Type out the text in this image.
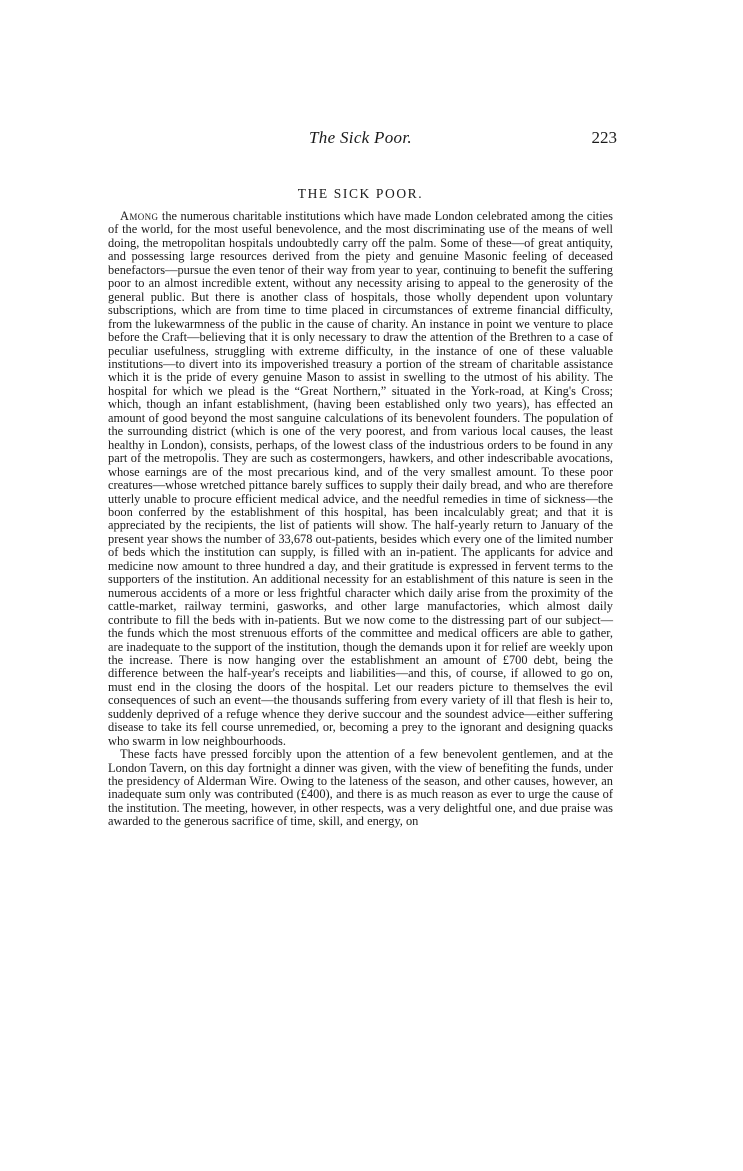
The Sick Poor.	223
THE SICK POOR.

Among the numerous charitable institutions which have made London celebrated among the cities of the world, for the most useful benevolence, and the most discriminating use of the means of well doing, the metropolitan hospitals undoubtedly carry off the palm. Some of these—of great antiquity, and possessing large resources derived from the piety and genuine Masonic feeling of deceased benefactors—pursue the even tenor of their way from year to year, continuing to benefit the suffering poor to an almost incredible extent, without any necessity arising to appeal to the generosity of the general public. But there is another class of hospitals, those wholly dependent upon voluntary subscriptions, which are from time to time placed in circumstances of extreme financial difficulty, from the lukewarmness of the public in the cause of charity. An instance in point we venture to place before the Craft—believing that it is only necessary to draw the attention of the Brethren to a case of peculiar usefulness, struggling with extreme difficulty, in the instance of one of these valuable institutions—to divert into its impoverished treasury a portion of the stream of charitable assistance which it is the pride of every genuine Mason to assist in swelling to the utmost of his ability. The hospital for which we plead is the “Great Northern,” situated in the York-road, at King's Cross; which, though an infant establishment, (having been established only two years), has effected an amount of good beyond the most sanguine calculations of its benevolent founders. The population of the surrounding district (which is one of the very poorest, and from various local causes, the least healthy in London), consists, perhaps, of the lowest class of the industrious orders to be found in any part of the metropolis. They are such as costermongers, hawkers, and other indescribable avocations, whose earnings are of the most precarious kind, and of the very smallest amount. To these poor creatures—whose wretched pittance barely suffices to supply their daily bread, and who are therefore utterly unable to procure efficient medical advice, and the needful remedies in time of sickness—the boon conferred by the establishment of this hospital, has been incalculably great; and that it is appreciated by the recipients, the list of patients will show. The half-yearly return to January of the present year shows the number of 33,678 out-patients, besides which every one of the limited number of beds which the institution can supply, is filled with an in-patient. The applicants for advice and medicine now amount to three hundred a day, and their gratitude is expressed in fervent terms to the supporters of the institution. An additional necessity for an establishment of this nature is seen in the numerous accidents of a more or less frightful character which daily arise from the proximity of the cattle-market, railway termini, gasworks, and other large manufactories, which almost daily contribute to fill the beds with in-patients. But we now come to the distressing part of our subject—the funds which the most strenuous efforts of the committee and medical officers are able to gather, are inadequate to the support of the institution, though the demands upon it for relief are weekly upon the increase. There is now hanging over the establishment an amount of £700 debt, being the difference between the half-year's receipts and liabilities—and this, of course, if allowed to go on, must end in the closing the doors of the hospital. Let our readers picture to themselves the evil consequences of such an event—the thousands suffering from every variety of ill that flesh is heir to, suddenly deprived of a refuge whence they derive succour and the soundest advice—either suffering disease to take its fell course unremedied, or, becoming a prey to the ignorant and designing quacks who swarm in low neighbourhoods.

These facts have pressed forcibly upon the attention of a few benevolent gentlemen, and at the London Tavern, on this day fortnight a dinner was given, with the view of benefiting the funds, under the presidency of Alderman Wire. Owing to the lateness of the season, and other causes, however, an inadequate sum only was contributed (£400), and there is as much reason as ever to urge the cause of the institution. The meeting, however, in other respects, was a very delightful one, and due praise was awarded to the generous sacrifice of time, skill, and energy, on
